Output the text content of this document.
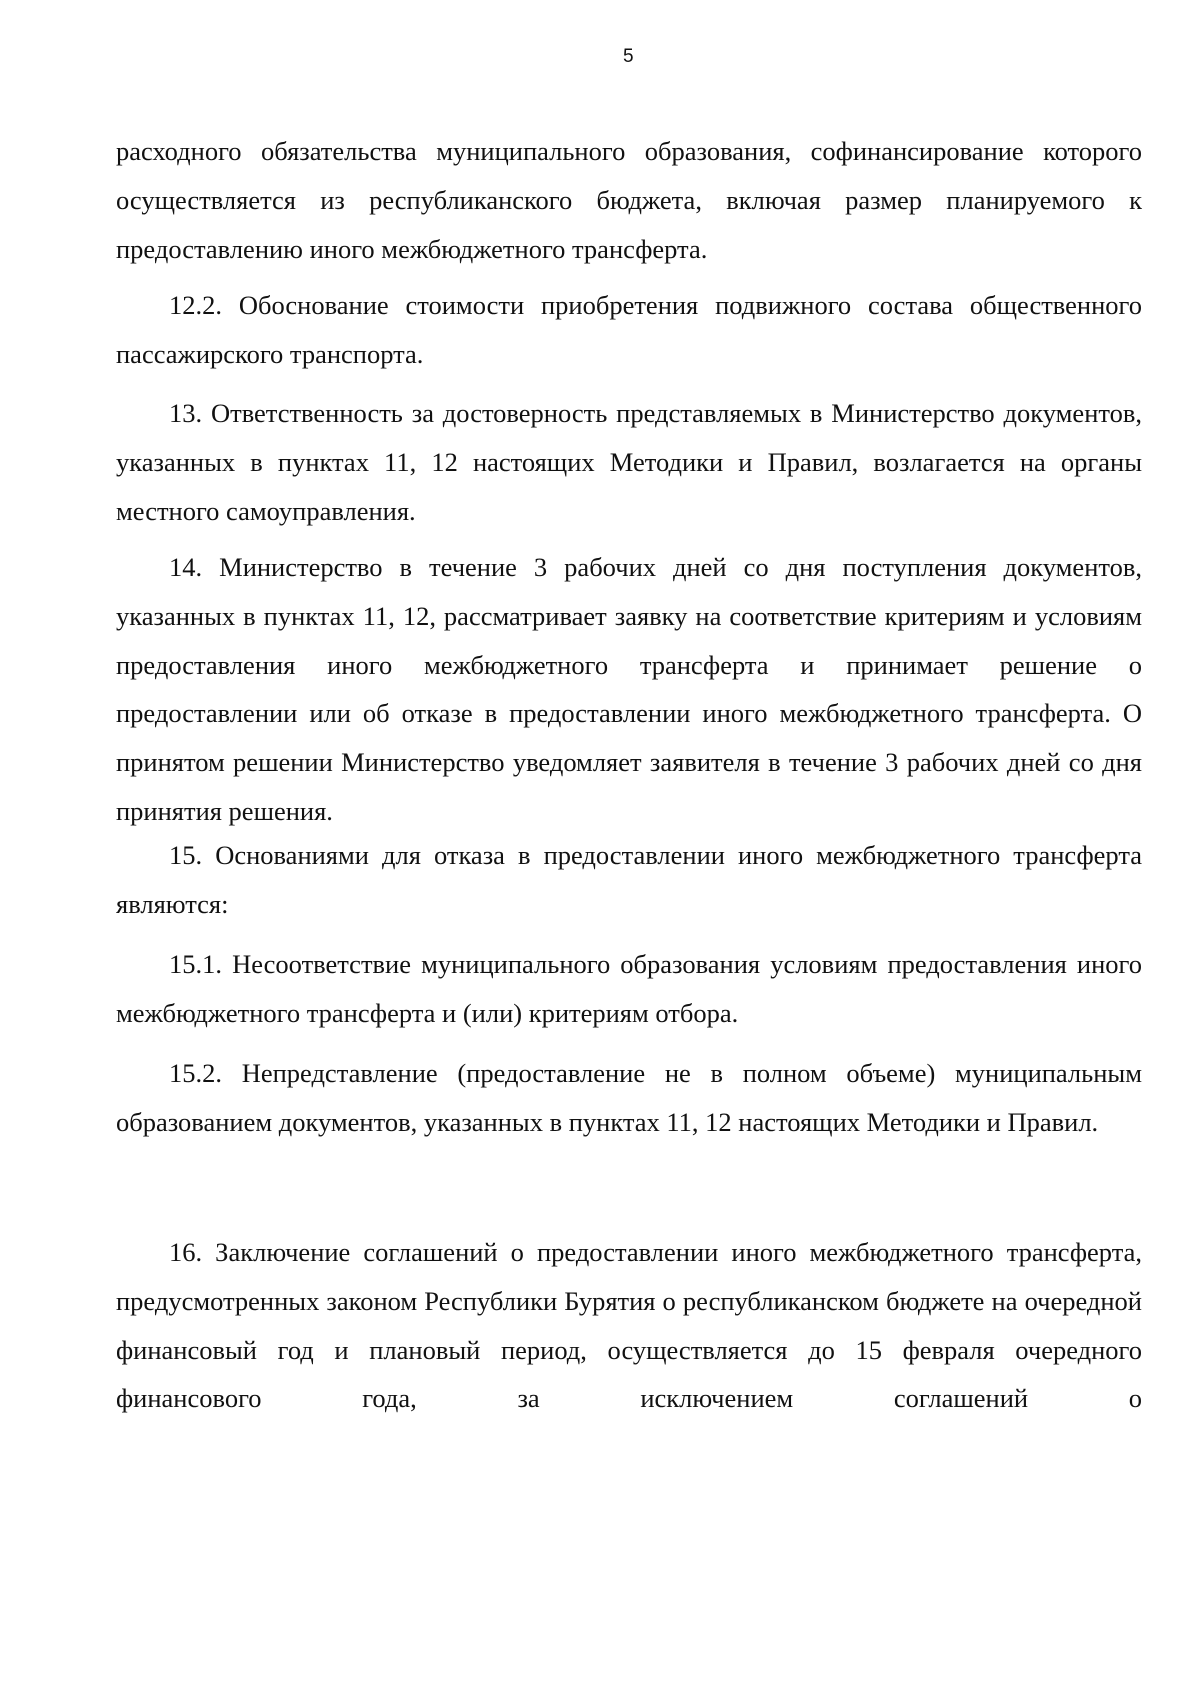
5

расходного обязательства муниципального образования, софинансирование которого осуществляется из республиканского бюджета, включая размер планируемого к предоставлению иного межбюджетного трансферта.

12.2. Обоснование стоимости приобретения подвижного состава общественного пассажирского транспорта.

13. Ответственность за достоверность представляемых в Министерство документов, указанных в пунктах 11, 12 настоящих Методики и Правил, возлагается на органы местного самоуправления.

14. Министерство в течение 3 рабочих дней со дня поступления документов, указанных в пунктах 11, 12, рассматривает заявку на соответствие критериям и условиям предоставления иного межбюджетного трансферта и принимает решение о предоставлении или об отказе в предоставлении иного межбюджетного трансферта. О принятом решении Министерство уведомляет заявителя в течение 3 рабочих дней со дня принятия решения.

15. Основаниями для отказа в предоставлении иного межбюджетного трансферта являются:

15.1. Несоответствие муниципального образования условиям предоставления иного межбюджетного трансферта и (или) критериям отбора.

15.2. Непредставление (предоставление не в полном объеме) муниципальным образованием документов, указанных в пунктах 11, 12 настоящих Методики и Правил.

16. Заключение соглашений о предоставлении иного межбюджетного трансферта, предусмотренных законом Республики Бурятия о республиканском бюджете на очередной финансовый год и плановый период, осуществляется до 15 февраля очередного финансового года, за исключением соглашений о
